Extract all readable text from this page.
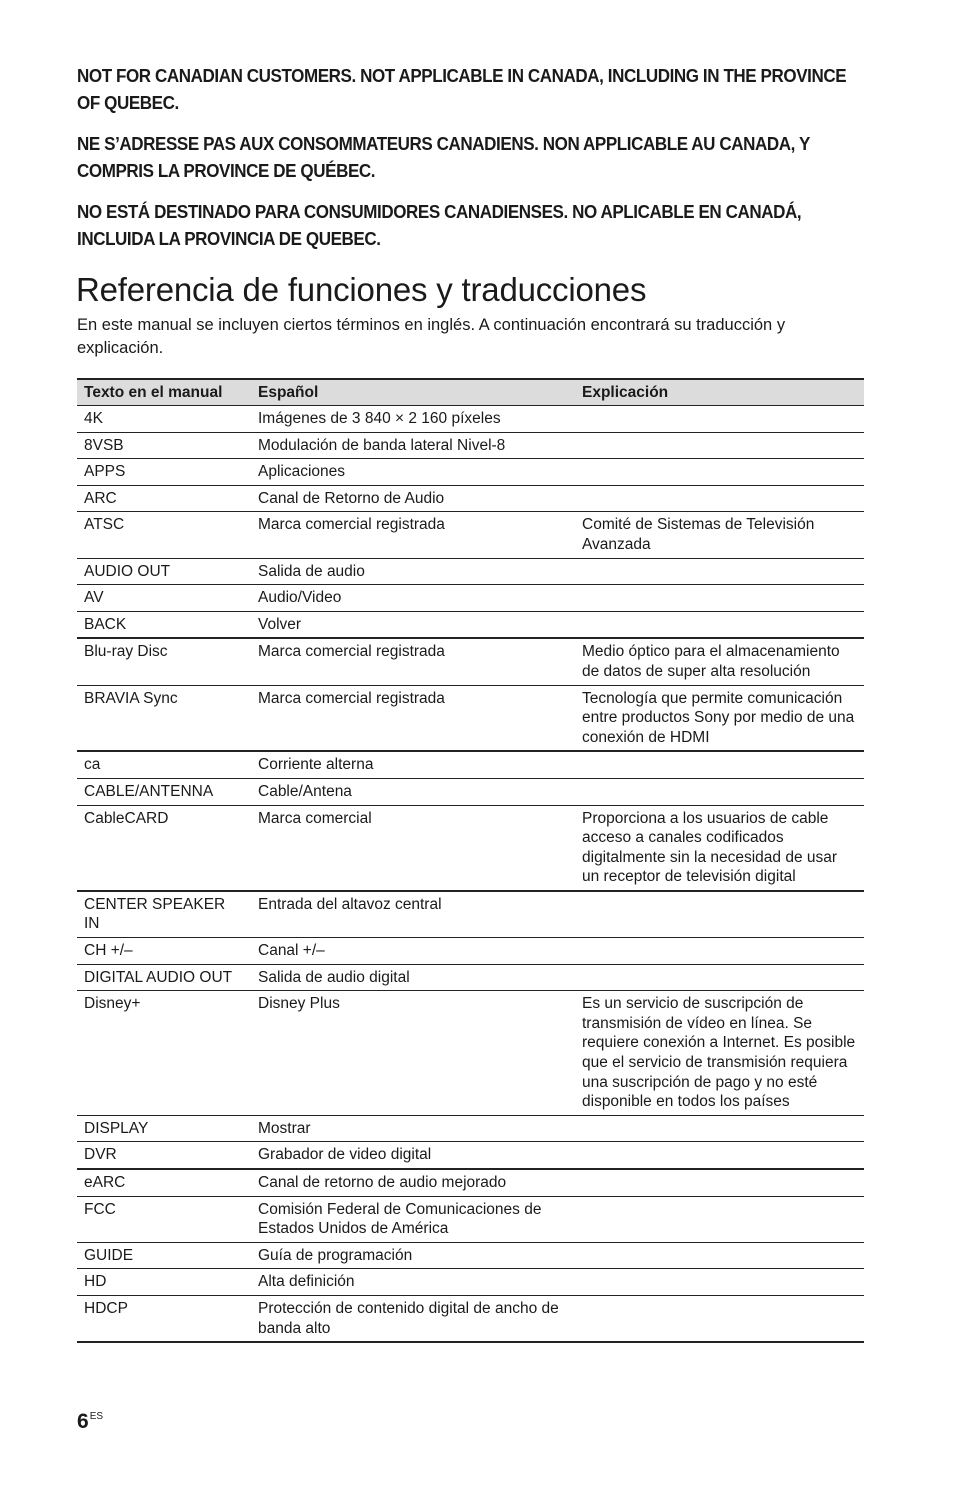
NOT FOR CANADIAN CUSTOMERS. NOT APPLICABLE IN CANADA, INCLUDING IN THE PROVINCE OF QUEBEC.

NE S’ADRESSE PAS AUX CONSOMMATEURS CANADIENS. NON APPLICABLE AU CANADA, Y COMPRIS LA PROVINCE DE QUÉBEC.

NO ESTÁ DESTINADO PARA CONSUMIDORES CANADIENSES. NO APLICABLE EN CANADÁ, INCLUIDA LA PROVINCIA DE QUEBEC.

Referencia de funciones y traducciones

En este manual se incluyen ciertos términos en inglés. A continuación encontrará su traducción y explicación.

Texto en el manual	Español	Explicación
4K	Imágenes de 3 840 × 2 160 píxeles	
8VSB	Modulación de banda lateral Nivel-8	
APPS	Aplicaciones	
ARC	Canal de Retorno de Audio	
ATSC	Marca comercial registrada	Comité de Sistemas de Televisión Avanzada
AUDIO OUT	Salida de audio	
AV	Audio/Video	
BACK	Volver	
Blu-ray Disc	Marca comercial registrada	Medio óptico para el almacenamiento de datos de super alta resolución
BRAVIA Sync	Marca comercial registrada	Tecnología que permite comunicación entre productos Sony por medio de una conexión de HDMI
ca	Corriente alterna	
CABLE/ANTENNA	Cable/Antena	
CableCARD	Marca comercial	Proporciona a los usuarios de cable acceso a canales codificados digitalmente sin la necesidad de usar un receptor de televisión digital
CENTER SPEAKER IN	Entrada del altavoz central	
CH +/–	Canal +/–	
DIGITAL AUDIO OUT	Salida de audio digital	
Disney+	Disney Plus	Es un servicio de suscripción de transmisión de vídeo en línea. Se requiere conexión a Internet. Es posible que el servicio de transmisión requiera una suscripción de pago y no esté disponible en todos los países
DISPLAY	Mostrar	
DVR	Grabador de video digital	
eARC	Canal de retorno de audio mejorado	
FCC	Comisión Federal de Comunicaciones de Estados Unidos de América	
GUIDE	Guía de programación	
HD	Alta definición	
HDCP	Protección de contenido digital de ancho de banda alto	
$6^{ES}$
